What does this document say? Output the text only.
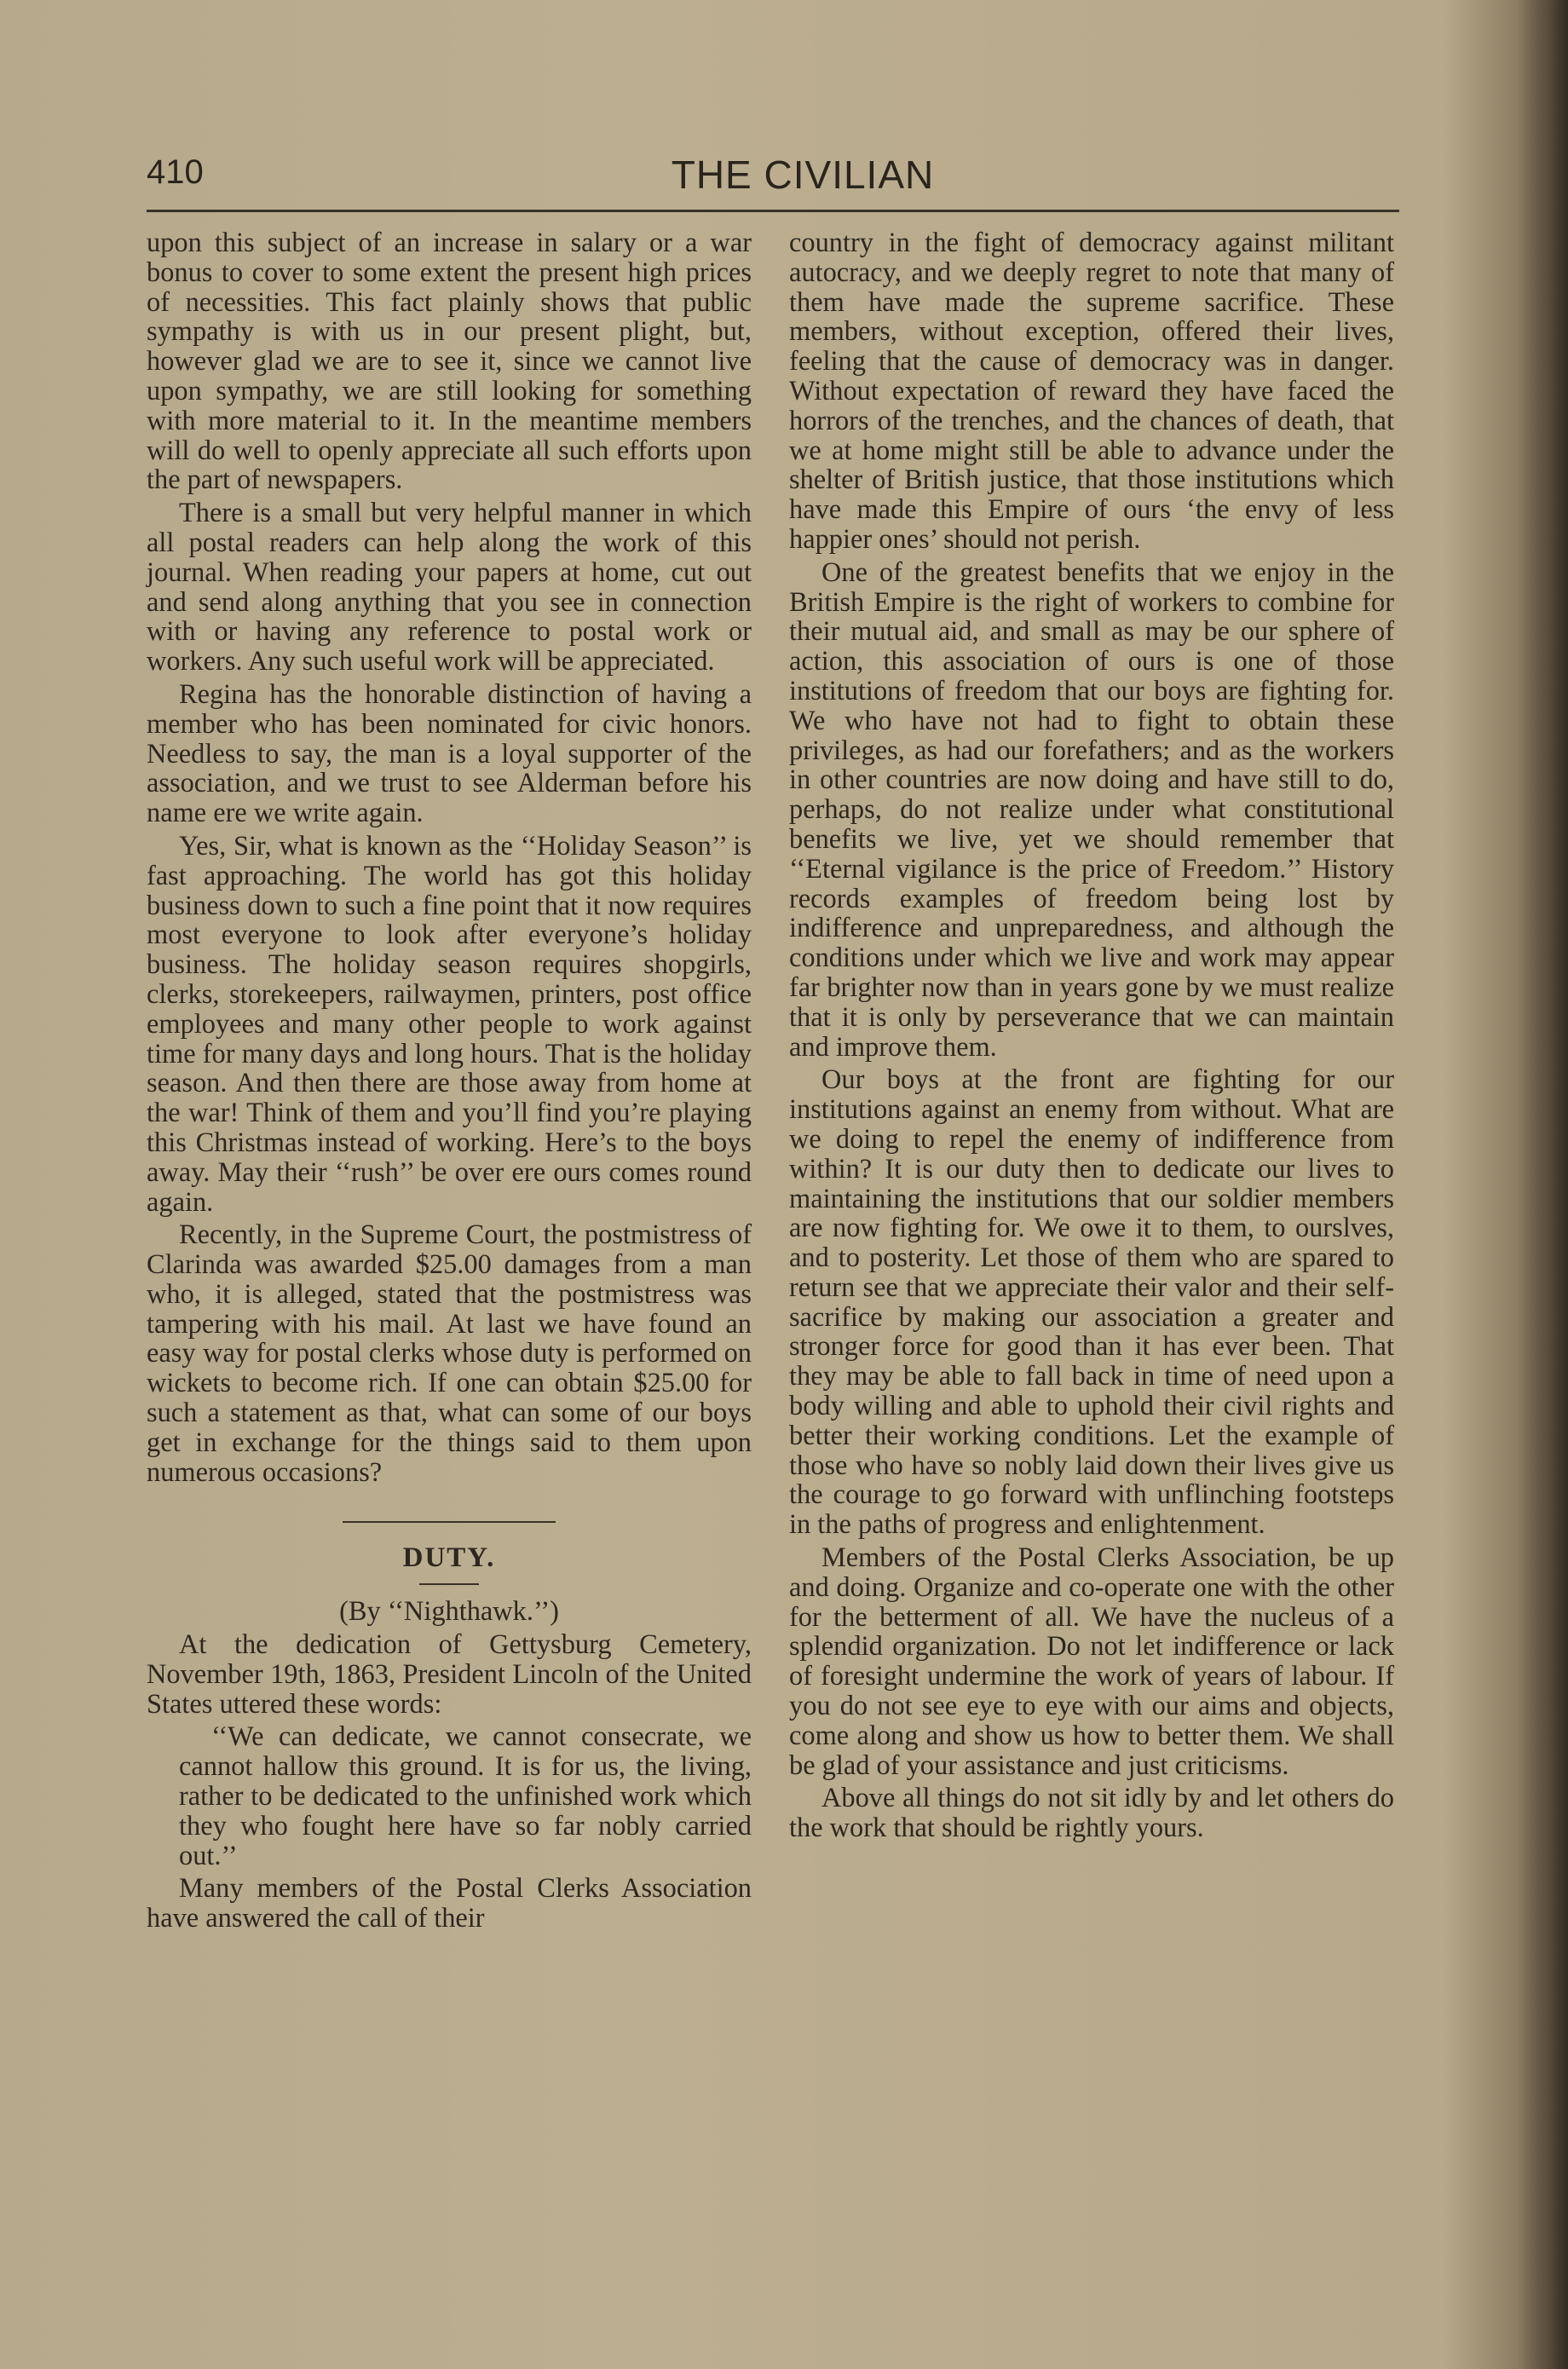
410	THE CIVILIAN

upon this subject of an increase in salary or a war bonus to cover to some extent the present high prices of necessities. This fact plainly shows that public sympathy is with us in our present plight, but, however glad we are to see it, since we cannot live upon sympathy, we are still looking for something with more material to it. In the meantime members will do well to openly appreciate all such efforts upon the part of newspapers.

There is a small but very helpful manner in which all postal readers can help along the work of this journal. When reading your papers at home, cut out and send along anything that you see in connection with or having any reference to postal work or workers. Any such useful work will be appreciated.

Regina has the honorable distinction of having a member who has been nominated for civic honors. Needless to say, the man is a loyal supporter of the association, and we trust to see Alderman before his name ere we write again.

Yes, Sir, what is known as the ‘‘Holiday Season’’ is fast approaching. The world has got this holiday business down to such a fine point that it now requires most everyone to look after everyone’s holiday business. The holiday season requires shopgirls, clerks, storekeepers, railwaymen, printers, post office employees and many other people to work against time for many days and long hours. That is the holiday season. And then there are those away from home at the war! Think of them and you’ll find you’re playing this Christmas instead of working. Here’s to the boys away. May their ‘‘rush’’ be over ere ours comes round again.

Recently, in the Supreme Court, the postmistress of Clarinda was awarded $25.00 damages from a man who, it is alleged, stated that the postmistress was tampering with his mail. At last we have found an easy way for postal clerks whose duty is performed on wickets to become rich. If one can obtain $25.00 for such a statement as that, what can some of our boys get in exchange for the things said to them upon numerous occasions?

DUTY.

(By ‘‘Nighthawk.’’)

At the dedication of Gettysburg Cemetery, November 19th, 1863, President Lincoln of the United States uttered these words:

‘‘We can dedicate, we cannot consecrate, we cannot hallow this ground. It is for us, the living, rather to be dedicated to the unfinished work which they who fought here have so far nobly carried out.’’

Many members of the Postal Clerks Association have answered the call of their

country in the fight of democracy against militant autocracy, and we deeply regret to note that many of them have made the supreme sacrifice. These members, without exception, offered their lives, feeling that the cause of democracy was in danger. Without expectation of reward they have faced the horrors of the trenches, and the chances of death, that we at home might still be able to advance under the shelter of British justice, that those institutions which have made this Empire of ours ‘the envy of less happier ones’ should not perish.

One of the greatest benefits that we enjoy in the British Empire is the right of workers to combine for their mutual aid, and small as may be our sphere of action, this association of ours is one of those institutions of freedom that our boys are fighting for. We who have not had to fight to obtain these privileges, as had our forefathers; and as the workers in other countries are now doing and have still to do, perhaps, do not realize under what constitutional benefits we live, yet we should remember that ‘‘Eternal vigilance is the price of Freedom.’’ History records examples of freedom being lost by indifference and unpreparedness, and although the conditions under which we live and work may appear far brighter now than in years gone by we must realize that it is only by perseverance that we can maintain and improve them.

Our boys at the front are fighting for our institutions against an enemy from without. What are we doing to repel the enemy of indifference from within? It is our duty then to dedicate our lives to maintaining the institutions that our soldier members are now fighting for. We owe it to them, to ourslves, and to posterity. Let those of them who are spared to return see that we appreciate their valor and their self-sacrifice by making our association a greater and stronger force for good than it has ever been. That they may be able to fall back in time of need upon a body willing and able to uphold their civil rights and better their working conditions. Let the example of those who have so nobly laid down their lives give us the courage to go forward with unflinching footsteps in the paths of progress and enlightenment.

Members of the Postal Clerks Association, be up and doing. Organize and co-operate one with the other for the betterment of all. We have the nucleus of a splendid organization. Do not let indifference or lack of foresight undermine the work of years of labour. If you do not see eye to eye with our aims and objects, come along and show us how to better them. We shall be glad of your assistance and just criticisms.

Above all things do not sit idly by and let others do the work that should be rightly yours.
